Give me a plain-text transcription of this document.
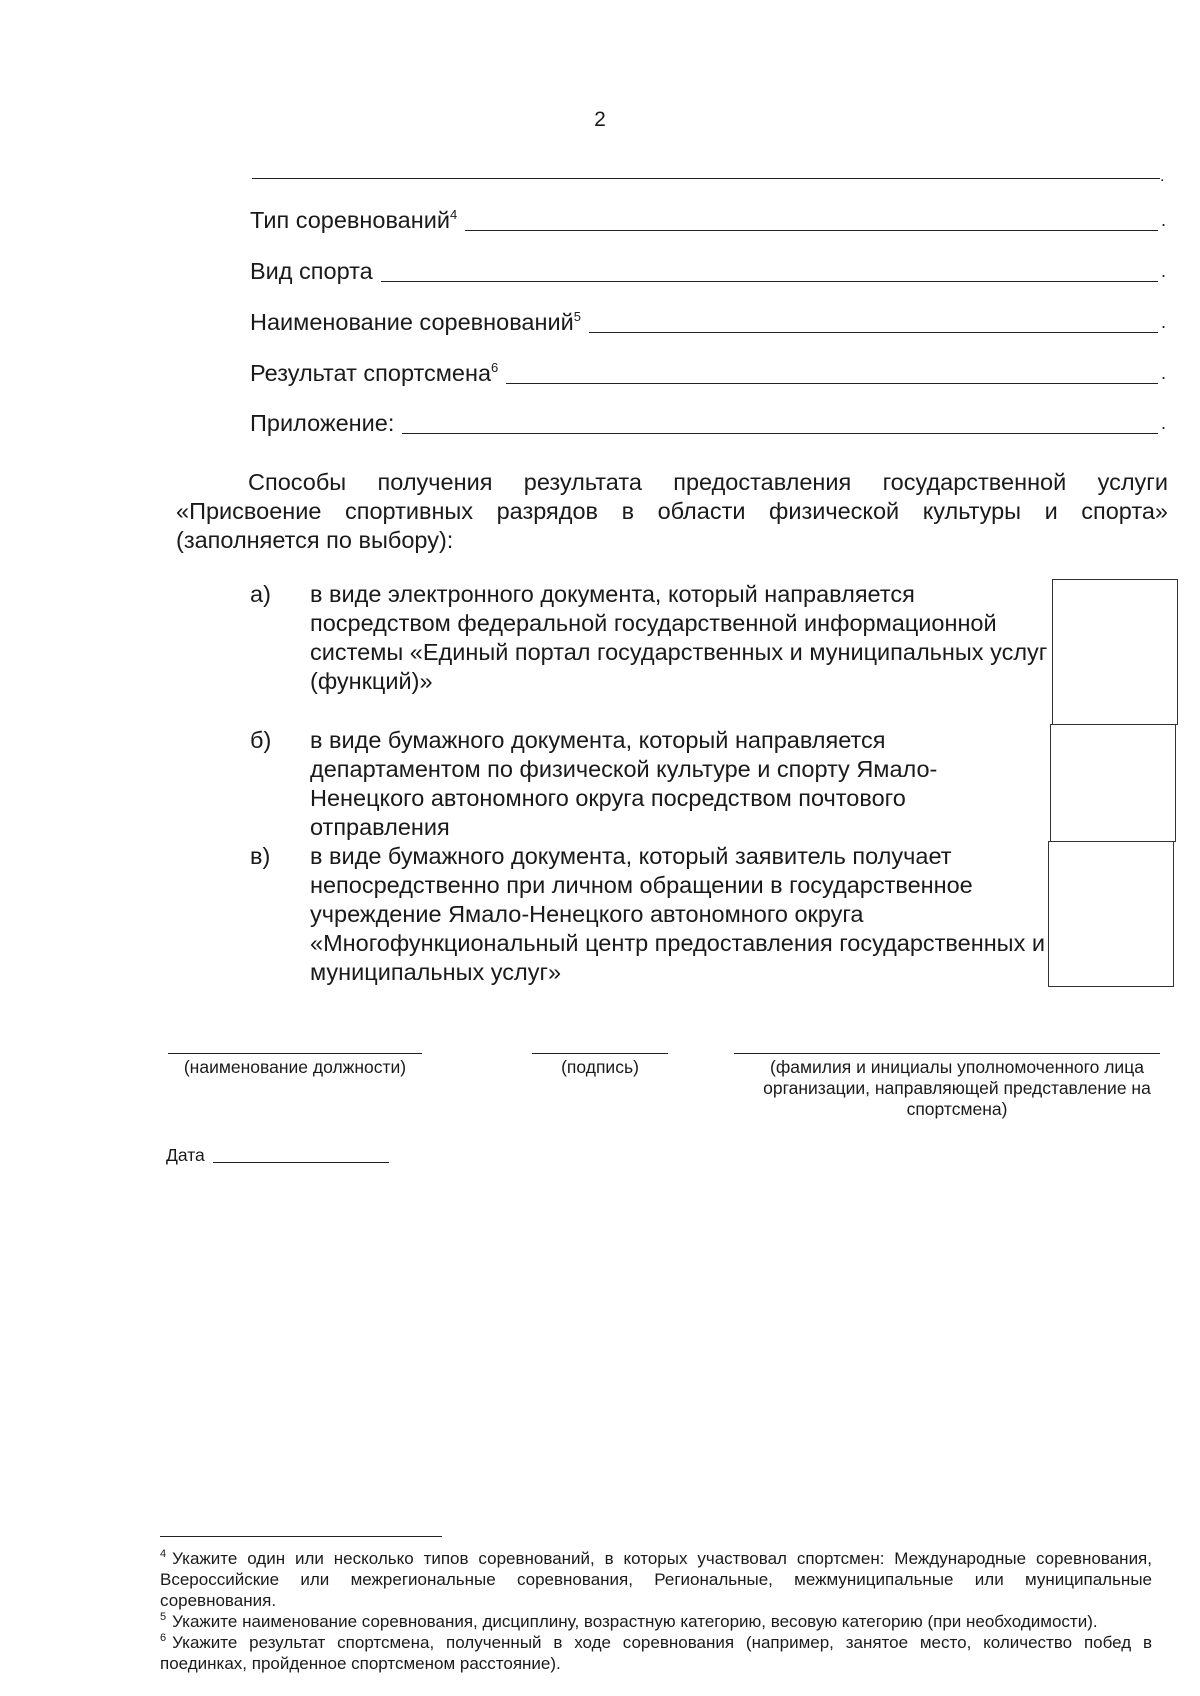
2
.
Тип соревнований$^4$	.
Вид спорта	.
Наименование соревнований$^5$	.
Результат спортсмена$^6$	.
Приложение:	.

Способы получения результата предоставления государственной услуги «Присвоение спортивных разрядов в области физической культуры и спорта» (заполняется по выбору):

а)	в виде электронного документа, который направляется посредством федеральной государственной информационной системы «Единый портал государственных и муниципальных услуг (функций)»
б)	в виде бумажного документа, который направляется департаментом по физической культуре и спорту Ямало-Ненецкого автономного округа посредством почтового отправления
в)	в виде бумажного документа, который заявитель получает непосредственно при личном обращении в государственное учреждение Ямало-Ненецкого автономного округа «Многофункциональный центр предоставления государственных и муниципальных услуг»
(наименование должности)	(подпись)	(фамилия и инициалы уполномоченного лица организации, направляющей представление на спортсмена)
Дата

$^4$ Укажите один или несколько типов соревнований, в которых участвовал спортсмен: Международные соревнования, Всероссийские или межрегиональные соревнования, Региональные, межмуниципальные или муниципальные соревнования.

$^5$ Укажите наименование соревнования, дисциплину, возрастную категорию, весовую категорию (при необходимости).

$^6$ Укажите результат спортсмена, полученный в ходе соревнования (например, занятое место, количество побед в поединках, пройденное спортсменом расстояние).
